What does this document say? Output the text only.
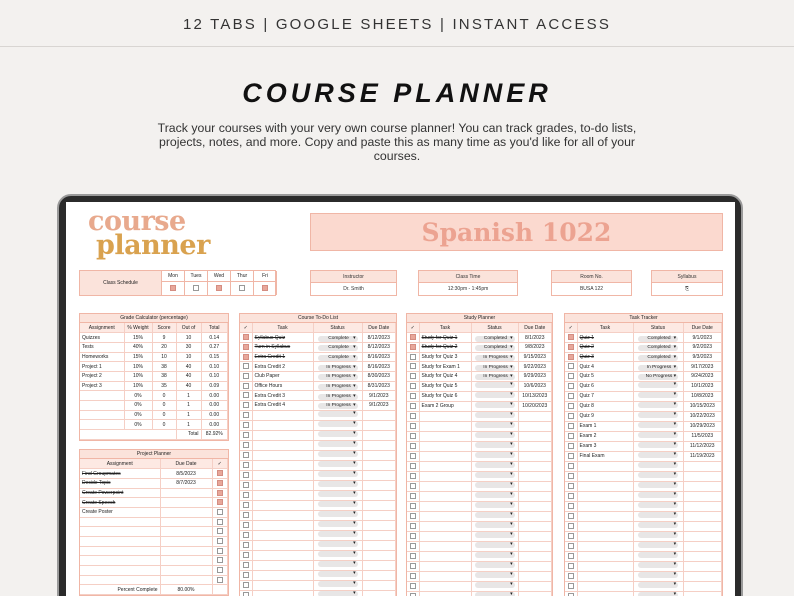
12 TABS | GOOGLE SHEETS | INSTANT ACCESS
COURSE PLANNER
Track your courses with your very own course planner! You can track grades, to-do lists, projects, notes, and more. Copy and paste this as many time as you'd like for all of your courses.
course
planner	Spanish 1022
Class Schedule
Mon	Tues	Wed	Thur	Fri	Instructor
Dr. Smith
Class Time
12:30pm - 1:45pm
Room No.
BUSA 122
Syllabus
⎘
Grade Calculator (percentage)
Assignment	% Weight	Score	Out of	Total
Quizzes	15%	9	10	0.14
Tests	40%	20	30	0.27
Homeworks	15%	10	10	0.15
Project 1	10%	38	40	0.10
Project 2	10%	38	40	0.10
Project 3	10%	35	40	0.09
	0%	0	1	0.00
	0%	0	1	0.00
	0%	0	1	0.00
	0%	0	1	0.00
			Total	82.92%
Project Planner
Assignment	Due Date	✓
Find Groupmates	8/5/2023	
Decide Topic	8/7/2023	
Create Powerpoint		
Create Speech		
Create Poster		

Percent Complete	80.00%	
Course To-Do List
✓	Task	Status	Due Date
	Syllabus Quiz	Complete ▾	8/12/2023
	Turn in Syllabus	Complete ▾	8/12/2023
	Extra Credit 1	Complete ▾	8/16/2023
	Extra Credit 2	In Progress ▾	8/16/2023
	Club Paper	In Progress ▾	8/30/2023
	Office Hours	In Progress ▾	8/31/2023
	Extra Credit 3	In Progress ▾	9/1/2023
	Extra Credit 4	In Progress ▾	9/1/2023
		▾	
		▾	
		▾	
		▾	
		▾	
		▾	
		▾	
		▾	
		▾	
		▾	
		▾	
		▾	
		▾	
		▾	
		▾	
		▾	
		▾	
		▾	
		▾	

Study Planner
✓	Task	Status	Due Date
	Study for Quiz 1	Completed ▾	8/1/2023
	Study for Quiz 2	Completed ▾	9/8/2023
	Study for Quiz 3	In Progress ▾	9/15/2023
	Study for Exam 1	In Progress ▾	9/22/2023
	Study for Quiz 4	In Progress ▾	9/29/2023
	Study for Quiz 5	▾	10/6/2023
	Study for Quiz 6	▾	10/13/2023
	Exam 2 Group	▾	10/20/2023
		▾	
		▾	
		▾	
		▾	
		▾	
		▾	
		▾	
		▾	
		▾	
		▾	
		▾	
		▾	
		▾	
		▾	
		▾	
		▾	
		▾	
		▾	
		▾	

Task Tracker
✓	Task	Status	Due Date
	Quiz 1	Completed ▾	9/1/2023
	Quiz 2	Completed ▾	9/2/2023
	Quiz 3	Completed ▾	9/3/2023
	Quiz 4	In Progress ▾	9/17/2023
	Quiz 5	No Progress ▾	9/24/2023
	Quiz 6	▾	10/1/2023
	Quiz 7	▾	10/8/2023
	Quiz 8	▾	10/15/2023
	Quiz 9	▾	10/22/2023
	Exam 1	▾	10/29/2023
	Exam 2	▾	11/5/2023
	Exam 3	▾	11/12/2023
	Final Exam	▾	11/19/2023
		▾	
		▾	
		▾	
		▾	
		▾	
		▾	
		▾	
		▾	
		▾	
		▾	
		▾	
		▾	
		▾	
		▾	
